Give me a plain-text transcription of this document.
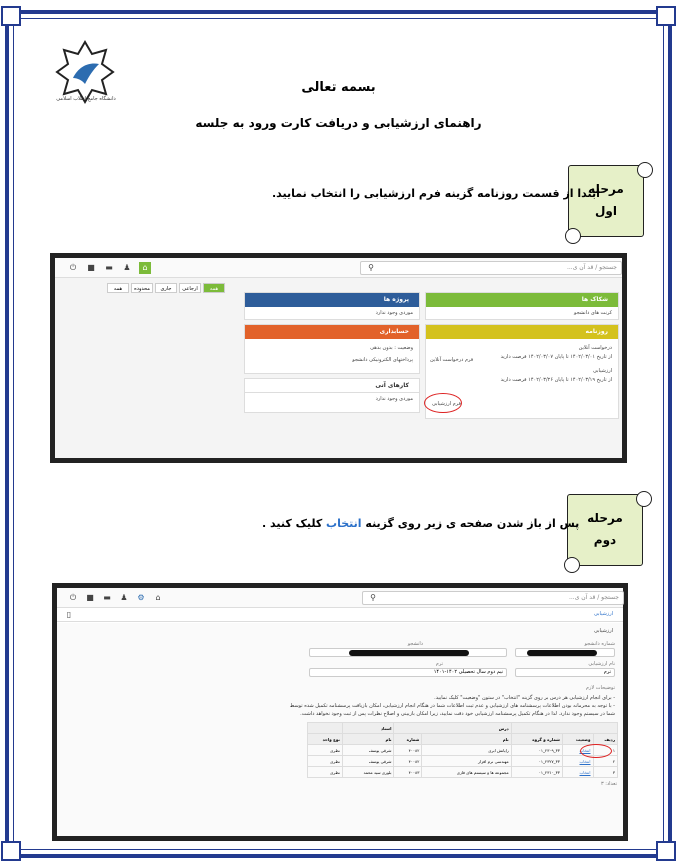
دانشگاه جامع انقلاب اسلامی
بسمه تعالی
راهنمای ارزشیابی و دریافت کارت ورود به جلسه
مرحله
اول
ابتدا از قسمت روزنامه گزینه فرم ارزشیابی را انتخاب نمایید.
⏻	■ ▬	♟	⌂	جستجو / قد آن ی...
⚲
شکاک ها
کرنت های دانشجو
روزنامه
درخواست آنلاین
از تاریخ ۱۴۰۲/۰۳/۰۱ تا پایان ۱۴۰۲/۰۳/۰۷ فرصت دارید
فرم درخواست آنلاین
ارزشیابی
از تاریخ ۱۴۰۲/۰۳/۱۹ تا پایان ۱۴۰۲/۰۳/۲۶ فرصت دارید
فرم ارزشیابی
پروژه ها
موردی وجود ندارد
حسابداری
وضعیت : بدون بدهی
پرداختهای الکترونیکی دانشجو
کارهای آتی
موردی وجود ندارد
همه	محدوده	جاری	ارجاعی	همه
مرحله
دوم
پس از باز شدن صفحه ی زیر روی گزینه انتخاب کلیک کنید .
⏻	■ ▬	♟	⚙	⌂	جستجو / قد آن ی...
⚲
▯	ارزشیابی
ارزشیابی
شماره دانشجو
دانشجو
نام ارزشیابی
ترم
ترم
نیم دوم سال تحصیلی ۱۴۰۲-۱۴۰۱
توضیحات لازم
- برای انجام ارزشیابی هر درس بر روی گزینه "انتخاب" در ستون "وضعیت" کلیک نمایید.
- با توجه به محرمانه بودن اطلاعات پرسشنامه های ارزشیابی و عدم ثبت اطلاعات شما در هنگام انجام ارزشیابی، امکان بازیافت پرسشنامه تکمیل شده توسط
شما در سیستم وجود ندارد. لذا در هنگام تکمیل پرسشنامه ارزشیابی خود دقت نمایید، زیرا امکان بازبینی و اصلاح نظرات پس از ثبت وجود نخواهد داشت.
			درس		استاد	
ردیف	وضعیت	شماره و گروه	نام	شماره	نام	نوع واحد
۱	انتخاب	۳۳_۲۳۰۹_۰۱	رایانش ابری	۴۰۰۸۲	شرقی یوسف	نظری
۲	انتخاب	۳۳_۲۳۲۷_۰۱	مهندسی نرم افزار	۴۰۰۸۲	شرقی یوسف	نظری
۳	انتخاب	۳۳_۲۳۱۰_۰۱	مجموعه ها و سیستم های فازی	۴۰۰۸۳	بلوری سید محمد	نظری
تعداد: ۳
